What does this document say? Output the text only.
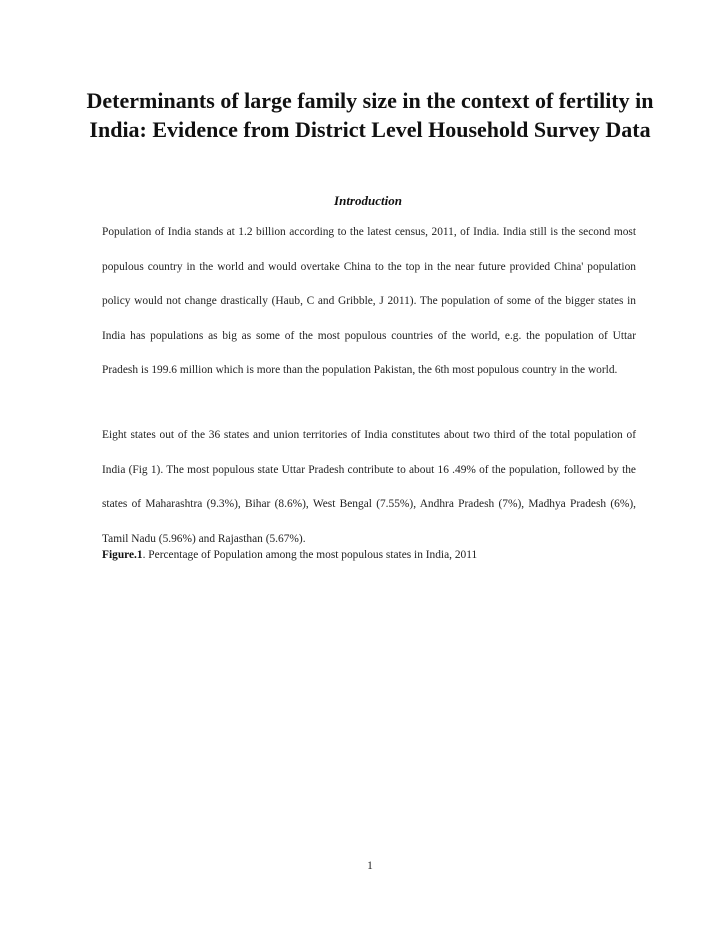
Determinants of large family size in the context of fertility in India: Evidence from District Level Household Survey Data
Introduction

Population of India stands at 1.2 billion according to the latest census, 2011, of India. India still is the second most populous country in the world and would overtake China to the top in the near future provided China' population policy would not change drastically (Haub, C and Gribble, J 2011). The population of some of the bigger states in India has populations as big as some of the most populous countries of the world, e.g. the population of Uttar Pradesh is 199.6 million which is more than the population Pakistan, the 6th most populous country in the world.

Eight states out of the 36 states and union territories of India constitutes about two third of the total population of India (Fig 1). The most populous state Uttar Pradesh contribute to about 16 .49% of the population, followed by the states of Maharashtra (9.3%), Bihar (8.6%), West Bengal (7.55%), Andhra Pradesh (7%), Madhya Pradesh (6%), Tamil Nadu (5.96%) and Rajasthan (5.67%).

Figure.1. Percentage of Population among the most populous states in India, 2011

1
